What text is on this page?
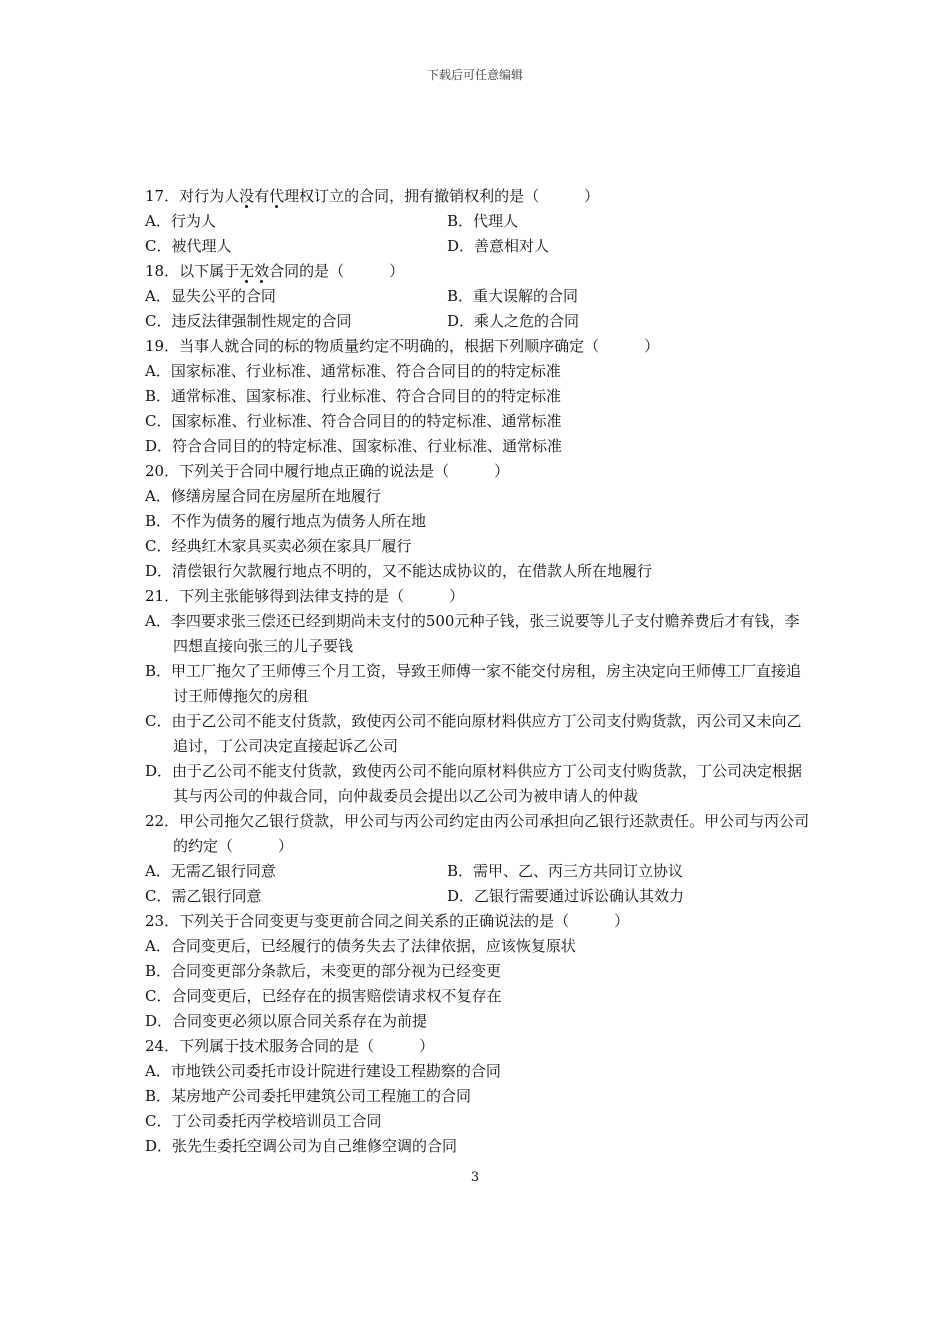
下载后可任意编辑
17．对行为人没有代理权订立的合同，拥有撤销权利的是（　　　）
A．行为人	B．代理人
C．被代理人	D．善意相对人
18．以下属于无效合同的是（　　　）
A．显失公平的合同	B．重大误解的合同
C．违反法律强制性规定的合同	D．乘人之危的合同
19．当事人就合同的标的物质量约定不明确的，根据下列顺序确定（　　　）
A．国家标准、行业标准、通常标准、符合合同目的的特定标准
B．通常标准、国家标准、行业标准、符合合同目的的特定标准
C．国家标准、行业标准、符合合同目的的特定标准、通常标准
D．符合合同目的的特定标准、国家标准、行业标准、通常标准
20．下列关于合同中履行地点正确的说法是（　　　）
A．修缮房屋合同在房屋所在地履行
B．不作为债务的履行地点为债务人所在地
C．经典红木家具买卖必须在家具厂履行
D．清偿银行欠款履行地点不明的，又不能达成协议的，在借款人所在地履行
21．下列主张能够得到法律支持的是（　　　）
A．李四要求张三偿还已经到期尚未支付的500元种子钱，张三说要等儿子支付赡养费后才有钱，李四想直接向张三的儿子要钱
B．甲工厂拖欠了王师傅三个月工资，导致王师傅一家不能交付房租，房主决定向王师傅工厂直接追讨王师傅拖欠的房租
C．由于乙公司不能支付货款，致使丙公司不能向原材料供应方丁公司支付购货款，丙公司又未向乙追讨，丁公司决定直接起诉乙公司
D．由于乙公司不能支付货款，致使丙公司不能向原材料供应方丁公司支付购货款，丁公司决定根据其与丙公司的仲裁合同，向仲裁委员会提出以乙公司为被申请人的仲裁
22．甲公司拖欠乙银行贷款，甲公司与丙公司约定由丙公司承担向乙银行还款责任。甲公司与丙公司的约定（　　　）
A．无需乙银行同意	B．需甲、乙、丙三方共同订立协议
C．需乙银行同意	D．乙银行需要通过诉讼确认其效力
23．下列关于合同变更与变更前合同之间关系的正确说法的是（　　　）
A．合同变更后，已经履行的债务失去了法律依据，应该恢复原状
B．合同变更部分条款后，未变更的部分视为已经变更
C．合同变更后，已经存在的损害赔偿请求权不复存在
D．合同变更必须以原合同关系存在为前提
24．下列属于技术服务合同的是（　　　）
A．市地铁公司委托市设计院进行建设工程勘察的合同
B．某房地产公司委托甲建筑公司工程施工的合同
C．丁公司委托丙学校培训员工合同
D．张先生委托空调公司为自己维修空调的合同
3
